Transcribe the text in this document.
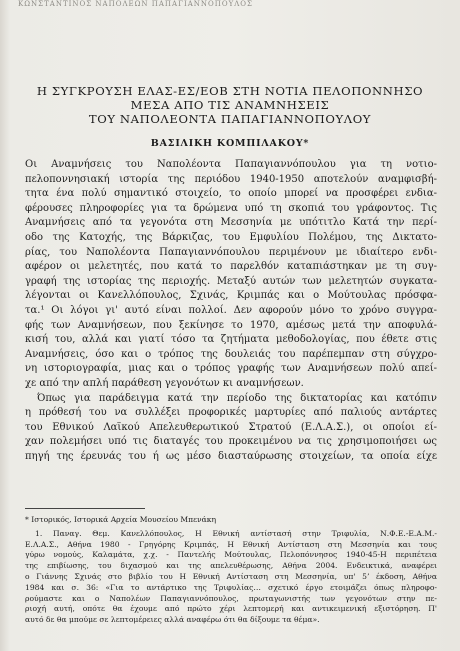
ΚΩΝΣΤΑΝΤΙΝΟΣ ΝΑΠΟΛΕΩΝ ΠΑΠΑΓΙΑΝΝΟΠΟΥΛΟΣ
Η ΣΥΓΚΡΟΥΣΗ ΕΛΑΣ-ΕΣ/ΕΟΒ ΣΤΗ ΝΟΤΙΑ ΠΕΛΟΠΟΝΝΗΣΟ
ΜΕΣΑ ΑΠΟ ΤΙΣ ΑΝΑΜΝΗΣΕΙΣ
ΤΟΥ ΝΑΠΟΛΕΟΝΤΑ ΠΑΠΑΓΙΑΝΝΟΠΟΥΛΟΥ
ΒΑΣΙΛΙΚΗ ΚΟΜΠΙΛΑΚΟΥ*
Οι Αναμνήσεις του Ναπολέοντα Παπαγιαννόπουλου για τη νοτιο-
πελοποννησιακή ιστορία της περιόδου 1940-1950 αποτελούν αναμφισβή-
τητα ένα πολύ σημαντικό στοιχείο, το οποίο μπορεί να προσφέρει ενδια-
φέρουσες πληροφορίες για τα δρώμενα υπό τη σκοπιά του γράφοντος. Τις
Αναμνήσεις από τα γεγονότα στη Μεσσηνία με υπότιτλο Κατά την περί-
οδο της Κατοχής, της Βάρκιζας, του Εμφυλίου Πολέμου, της Δικτατο-
ρίας, του Ναπολέοντα Παπαγιαννόπουλου περιμένουν με ιδιαίτερο ενδι-
αφέρον οι μελετητές, που κατά το παρελθόν καταπιάστηκαν με τη συγ-
γραφή της ιστορίας της περιοχής. Μεταξύ αυτών των μελετητών συγκατα-
λέγονται οι Κανελλόπουλος, Σχινάς, Κριμπάς και ο Μούτουλας πρόσφα-
τα.¹ Οι λόγοι γι' αυτό είναι πολλοί. Δεν αφορούν μόνο το χρόνο συγγρα-
φής των Αναμνήσεων, που ξεκίνησε το 1970, αμέσως μετά την αποφυλά-
κισή του, αλλά και γιατί τόσο τα ζητήματα μεθοδολογίας, που έθετε στις
Αναμνήσεις, όσο και ο τρόπος της δουλειάς του παρέπεμπαν στη σύγχρο-
νη ιστοριογραφία, μιας και ο τρόπος γραφής των Αναμνήσεων πολύ απεί-
χε από την απλή παράθεση γεγονότων κι αναμνήσεων.
Όπως για παράδειγμα κατά την περίοδο της δικτατορίας και κατόπιν
η πρόθεσή του να συλλέξει προφορικές μαρτυρίες από παλιούς αντάρτες
του Εθνικού Λαϊκού Απελευθερωτικού Στρατού (Ε.Λ.Α.Σ.), οι οποίοι εί-
χαν πολεμήσει υπό τις διαταγές του προκειμένου να τις χρησιμοποιήσει ως
πηγή της έρευνάς του ή ως μέσο διασταύρωσης στοιχείων, τα οποία είχε

* Ιστορικός, Ιστορικά Αρχεία Μουσείου Μπενάκη

1. Παναγ. Θεμ. Κανελλόπουλος, Η Εθνική αντίστασή στην Τριφυλία, Ν.Φ.Ε.-Ε.Α.Μ.-
Ε.Λ.Α.Σ., Αθήνα 1980 - Γρηγόρης Κριμπάς, Η Εθνική Αντίσταση στη Μεσσηνία και τους
γύρω νομούς, Καλαμάτα, χ.χ. - Παντελής Μούτουλας, Πελοπόννησος 1940-45-Η περιπέτεια
της επιβίωσης, του διχασμού και της απελευθέρωσης, Αθήνα 2004. Ενδεικτικά, αναφέρει
ο Γιάννης Σχινάς στο βιβλίο του Η Εθνική Αντίσταση στη Μεσσηνία, υπ' 5ʼ έκδοση, Αθήνα
1984 και σ. 36: «Για το αντάρτικο της Τριφυλίας… σχετικό έργο ετοιμάζει όπως πληροφο-
ρούμαστε και ο Ναπολέων Παπαγιαννόπουλος, πρωταγωνιστής των γεγονότων στην πε-
ριοχή αυτή, οπότε θα έχουμε από πρώτο χέρι λεπτομερή και αντικειμενική εξιστόρηση. Π'
αυτό δε θα μπούμε σε λεπτομέρειες αλλά αναφέρω ότι θα δίξουμε τα θέμα».
